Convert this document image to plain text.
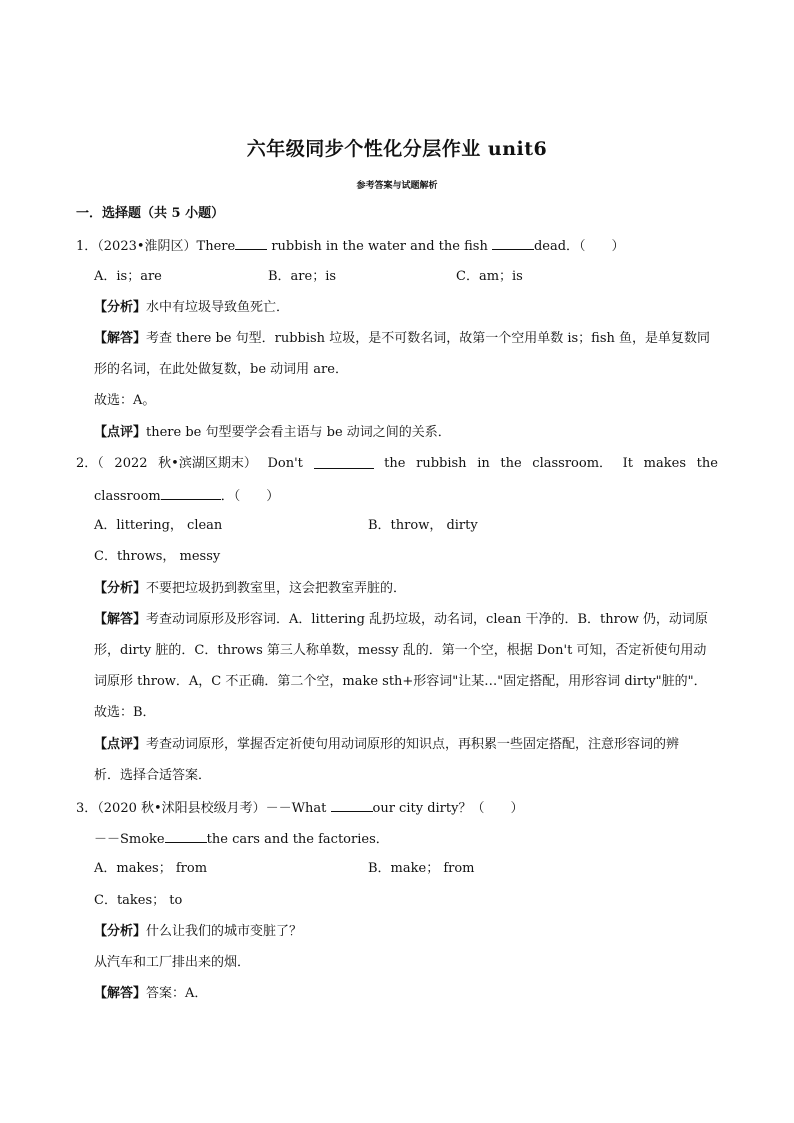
六年级同步个性化分层作业 unit6
参考答案与试题解析
一．选择题（共 5 小题）
1．（2023•淮阴区）There	rubbish in the water and the fish	dead．（　　）
A．is；are	B．are；is	C．am；is
【分析】水中有垃圾导致鱼死亡．
【解答】考查 there be 句型．rubbish 垃圾，是不可数名词，故第一个空用单数 is；fish 鱼，是单复数同
形的名词，在此处做复数，be 动词用 are．
故选：A。
【点评】there be 句型要学会看主语与 be 动词之间的关系．
2．（ 2022 秋•滨湖区期末） Don't	the rubbish in the classroom． It makes the
classroom	．（　　）
A．littering， clean	B．throw， dirty
C．throws， messy
【分析】不要把垃圾扔到教室里，这会把教室弄脏的．
【解答】考查动词原形及形容词．A．littering 乱扔垃圾，动名词，clean 干净的．B．throw 仍，动词原
形，dirty 脏的．C．throws 第三人称单数，messy 乱的．第一个空，根据 Don't 可知，否定祈使句用动
词原形 throw．A，C 不正确．第二个空，make sth+形容词"让某…"固定搭配，用形容词 dirty"脏的"．
故选：B．
【点评】考查动词原形，掌握否定祈使句用动词原形的知识点，再积累一些固定搭配，注意形容词的辨
析．选择合适答案．
3．（2020 秋•沭阳县校级月考）－－What	our city dirty？（　　）
－－Smoke	the cars and the factories．
A．makes； from	B．make； from
C．takes； to
【分析】什么让我们的城市变脏了？
从汽车和工厂排出来的烟．
【解答】答案：A．
